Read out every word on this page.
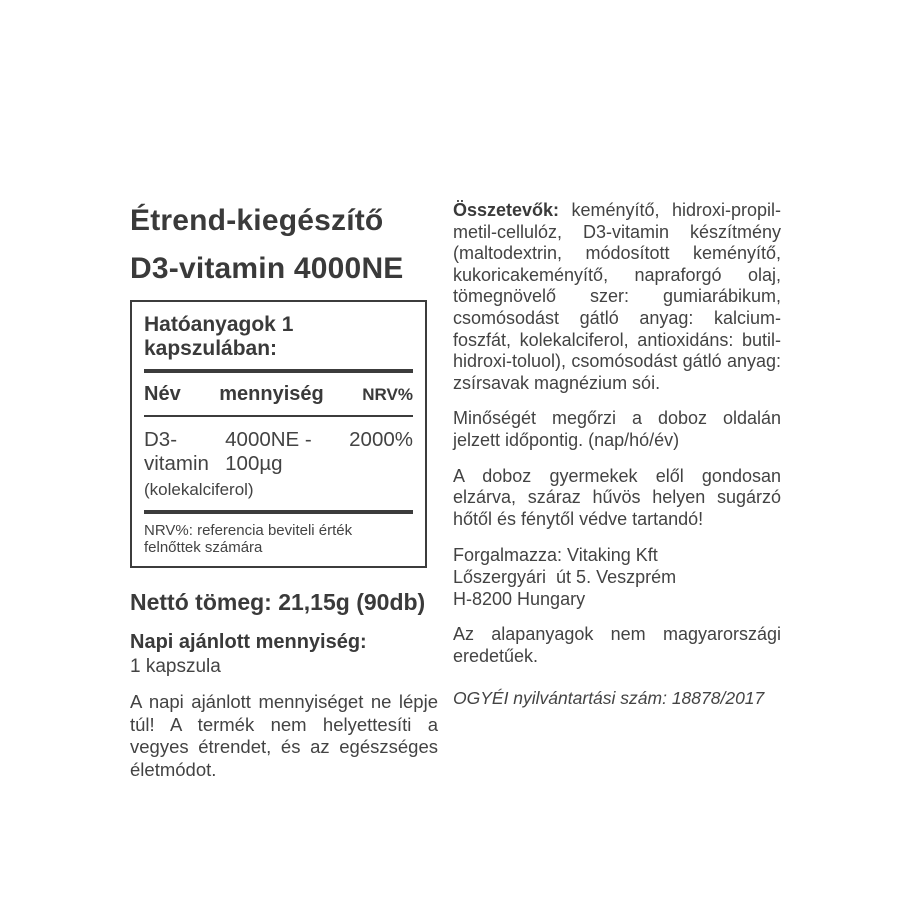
Étrend-kiegészítő
D3-vitamin 4000NE
Hatóanyagok 1 kapszulában:
Név mennyiség NRV%
D3-vitamin
4000NE - 100µg
2000%
(kolekalciferol)
NRV%: referencia beviteli érték felnőttek számára
Nettó tömeg: 21,15g (90db)
Napi ajánlott mennyiség:
1 kapszula
A napi ajánlott mennyiséget ne lépje túl! A termék nem helyettesíti a vegyes étrendet, és az egészséges életmódot.

Összetevők: keményítő, hidroxi-propil-metil-cellulóz, D3-vitamin készítmény (maltodextrin, módosított keményítő, kukoricakeményítő, napraforgó olaj, tömegnövelő szer: gumiarábikum, csomósodást gátló anyag: kalcium-foszfát, kolekalciferol, antioxidáns: butil-hidroxi-toluol), csomósodást gátló anyag: zsírsavak magnézium sói.

Minőségét megőrzi a doboz oldalán jelzett időpontig. (nap/hó/év)

A doboz gyermekek elől gondosan elzárva, száraz hűvös helyen sugárzó hőtől és fénytől védve tartandó!

Forgalmazza: Vitaking Kft
Lőszergyári  út 5. Veszprém
H-8200 Hungary

Az alapanyagok nem magyarországi eredetűek.

OGYÉI nyilvántartási szám: 18878/2017
